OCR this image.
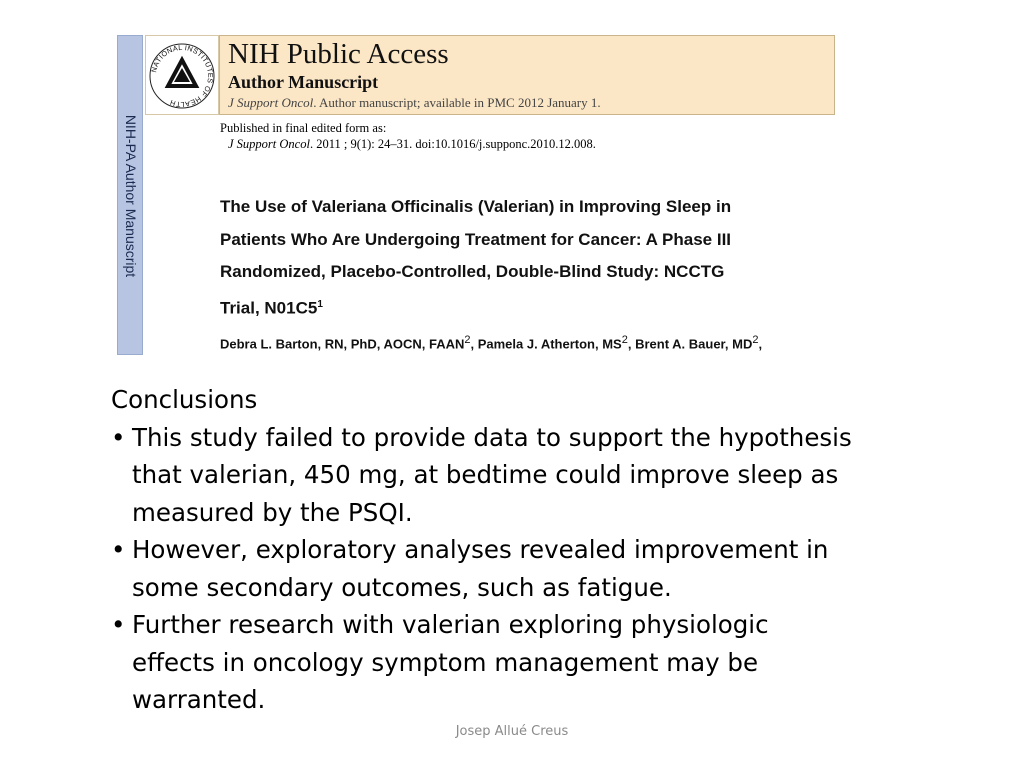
NIH-PA Author Manuscript
NATIONAL INSTITUTES OF HEALTH
NIH Public Access
Author Manuscript
J Support Oncol. Author manuscript; available in PMC 2012 January 1.
Published in final edited form as:
J Support Oncol. 2011 ; 9(1): 24–31. doi:10.1016/j.supponc.2010.12.008.
The Use of Valeriana Officinalis (Valerian) in Improving Sleep in
Patients Who Are Undergoing Treatment for Cancer: A Phase III
Randomized, Placebo-Controlled, Double-Blind Study: NCCTG
Trial, $N01C5^1$
Debra L. Barton, RN, PhD, AOCN, FAAN$^2$, Pamela J. Atherton, $MS^2$, Brent A. Bauer, $MD^2$,
Conclusions
• This study failed to provide data to support the hypothesis
that valerian, 450 mg, at bedtime could improve sleep as
measured by the PSQI.
• However, exploratory analyses revealed improvement in
some secondary outcomes, such as fatigue.
• Further research with valerian exploring physiologic
effects in oncology symptom management may be
warranted.
Josep Allué Creus
